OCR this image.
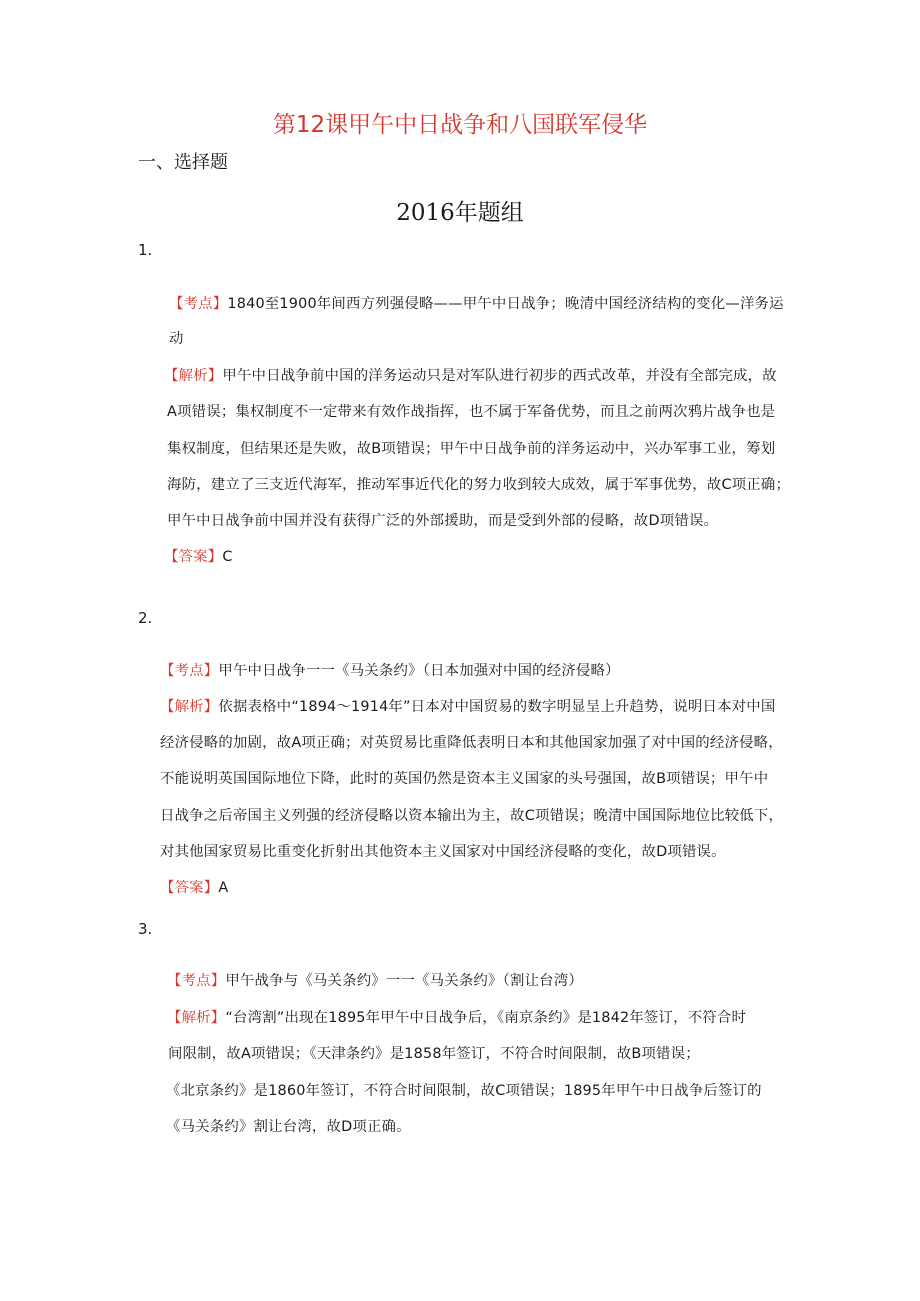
第12课甲午中日战争和八国联军侵华
一、选择题
2016年题组
1.
【考点】1840至1900年间西方列强侵略——甲午中日战争；晚清中国经济结构的变化—洋务运
动
【解析】甲午中日战争前中国的洋务运动只是对军队进行初步的西式改革，并没有全部完成，故
A项错误；集权制度不一定带来有效作战指挥，也不属于军备优势，而且之前两次鸦片战争也是
集权制度，但结果还是失败，故B项错误；甲午中日战争前的洋务运动中，兴办军事工业，筹划
海防，建立了三支近代海军，推动军事近代化的努力收到较大成效，属于军事优势，故C项正确；
甲午中日战争前中国并没有获得广泛的外部援助，而是受到外部的侵略，故D项错误。
【答案】C
2.
【考点】甲午中日战争一一《马关条约》（日本加强对中国的经济侵略）
【解析】依据表格中“1894～1914年”日本对中国贸易的数字明显呈上升趋势，说明日本对中国
经济侵略的加剧，故A项正确；对英贸易比重降低表明日本和其他国家加强了对中国的经济侵略，
不能说明英国国际地位下降，此时的英国仍然是资本主义国家的头号强国，故B项错误；甲午中
日战争之后帝国主义列强的经济侵略以资本输出为主，故C项错误；晚清中国国际地位比较低下，
对其他国家贸易比重变化折射出其他资本主义国家对中国经济侵略的变化，故D项错误。
【答案】A
3.
【考点】甲午战争与《马关条约》一一《马关条约》（割让台湾）
【解析】“台湾割”出现在1895年甲午中日战争后，《南京条约》是1842年签订，不符合时
间限制，故A项错误；《天津条约》是1858年签订，不符合时间限制，故B项错误；
《北京条约》是1860年签订，不符合时间限制，故C项错误；1895年甲午中日战争后签订的
《马关条约》割让台湾，故D项正确。
